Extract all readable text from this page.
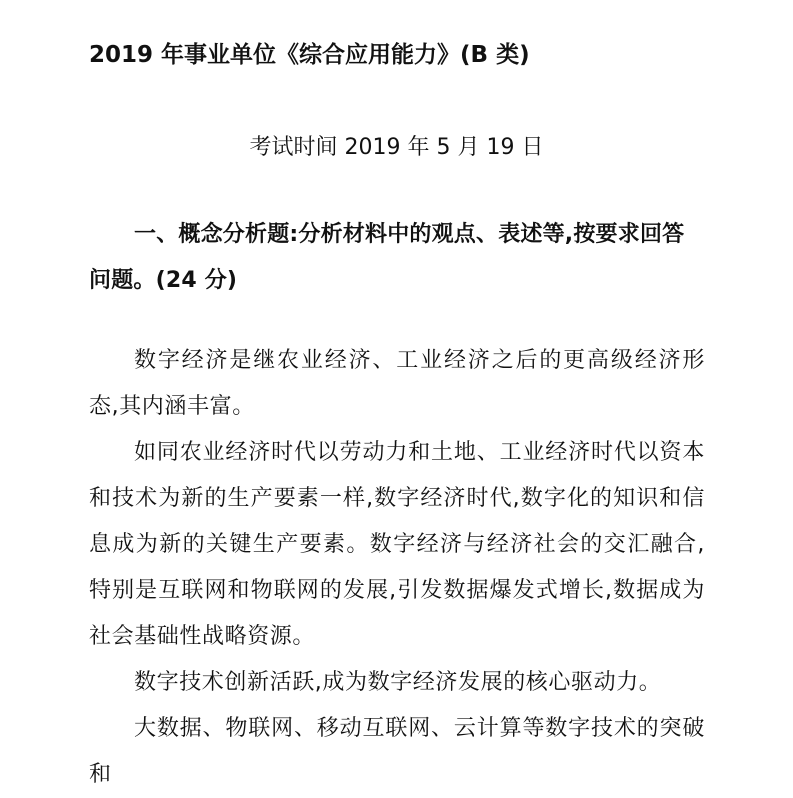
2019 年事业单位《综合应用能力》(B 类)
考试时间 2019 年 5 月 19 日
一、概念分析题:分析材料中的观点、表述等,按要求回答问题。(24 分)

数字经济是继农业经济、工业经济之后的更高级经济形态,其内涵丰富。

如同农业经济时代以劳动力和土地、工业经济时代以资本和技术为新的生产要素一样,数字经济时代,数字化的知识和信息成为新的关键生产要素。数字经济与经济社会的交汇融合,特别是互联网和物联网的发展,引发数据爆发式增长,数据成为社会基础性战略资源。

数字技术创新活跃,成为数字经济发展的核心驱动力。

大数据、物联网、移动互联网、云计算等数字技术的突破和
